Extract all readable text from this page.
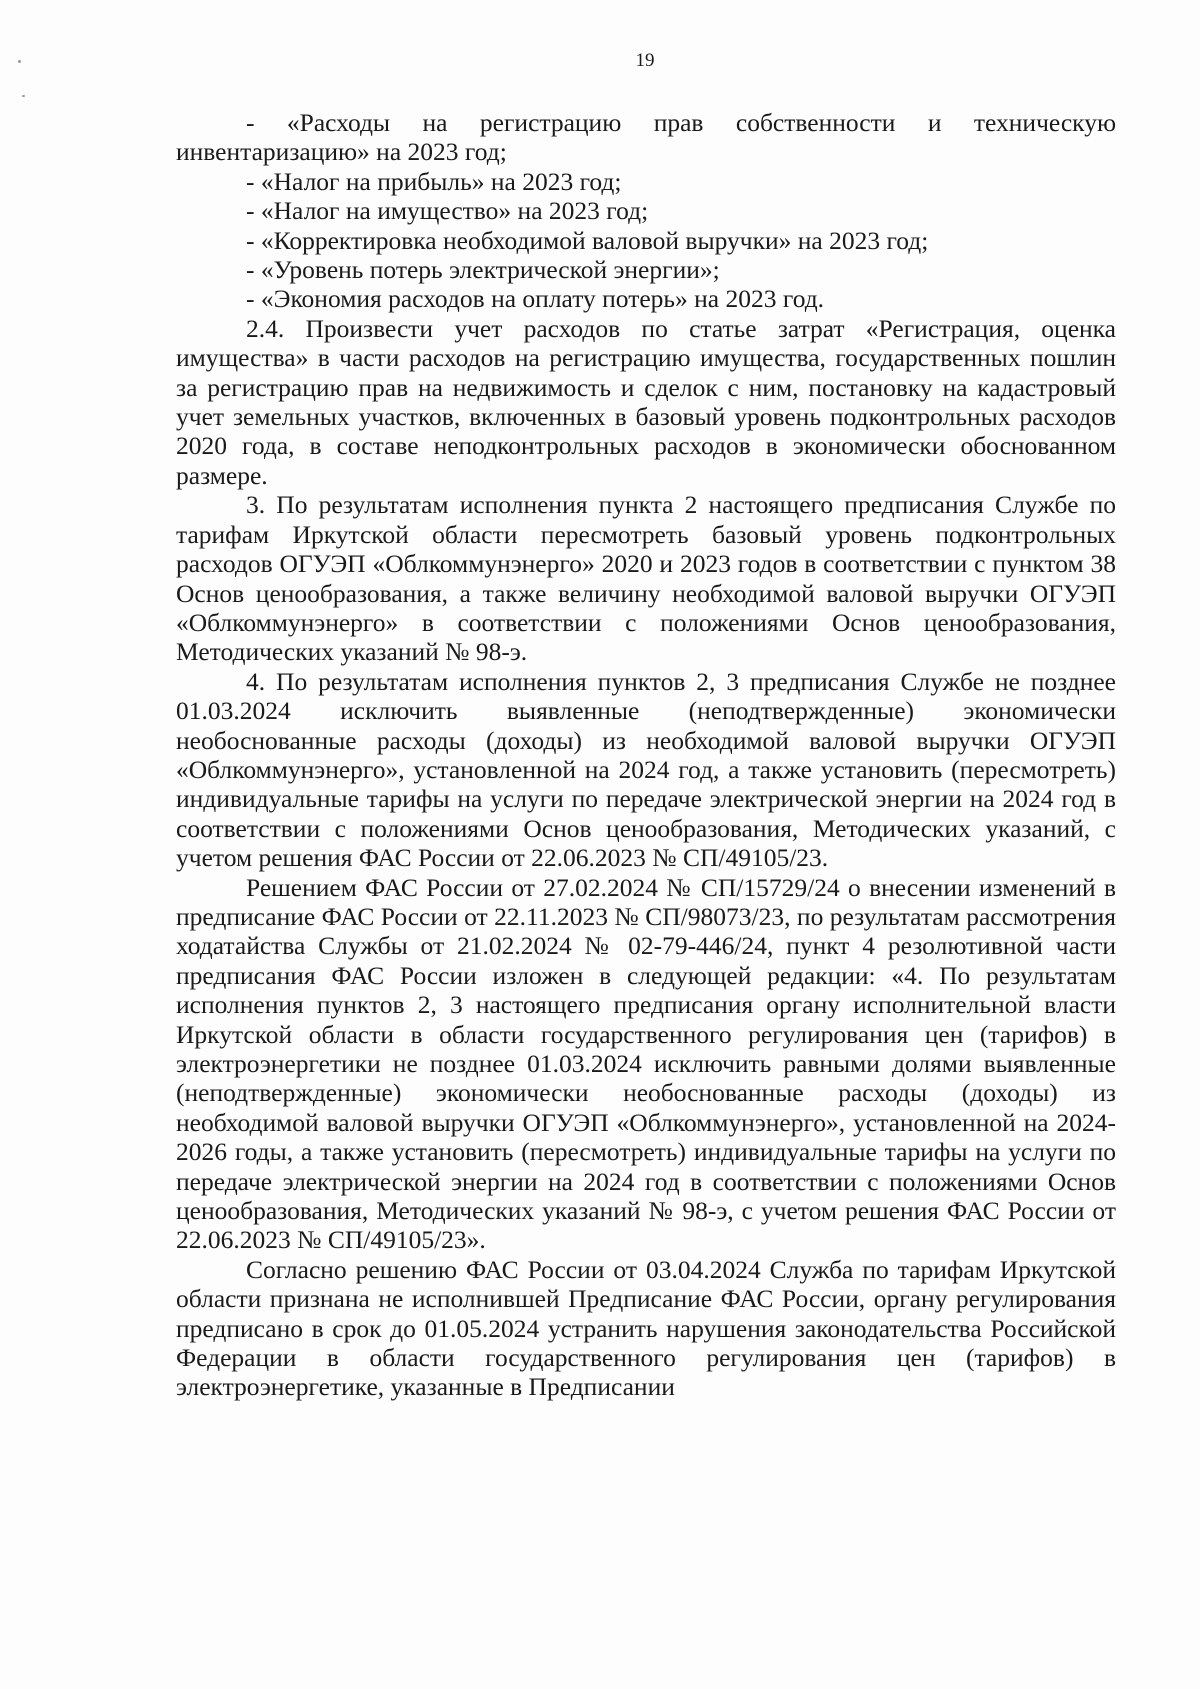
19

- «Расходы на регистрацию прав собственности и техническую инвентаризацию» на 2023 год;

- «Налог на прибыль» на 2023 год;

- «Налог на имущество» на 2023 год;

- «Корректировка необходимой валовой выручки» на 2023 год;

- «Уровень потерь электрической энергии»;

- «Экономия расходов на оплату потерь» на 2023 год.

2.4. Произвести учет расходов по статье затрат «Регистрация, оценка имущества» в части расходов на регистрацию имущества, государственных пошлин за регистрацию прав на недвижимость и сделок с ним, постановку на кадастровый учет земельных участков, включенных в базовый уровень подконтрольных расходов 2020 года, в составе неподконтрольных расходов в экономически обоснованном размере.

3. По результатам исполнения пункта 2 настоящего предписания Службе по тарифам Иркутской области пересмотреть базовый уровень подконтрольных расходов ОГУЭП «Облкоммунэнерго» 2020 и 2023 годов в соответствии с пунктом 38 Основ ценообразования, а также величину необходимой валовой выручки ОГУЭП «Облкоммунэнерго» в соответствии с положениями Основ ценообразования, Методических указаний № 98-э.

4. По результатам исполнения пунктов 2, 3 предписания Службе не позднее 01.03.2024 исключить выявленные (неподтвержденные) экономически необоснованные расходы (доходы) из необходимой валовой выручки ОГУЭП «Облкоммунэнерго», установленной на 2024 год, а также установить (пересмотреть) индивидуальные тарифы на услуги по передаче электрической энергии на 2024 год в соответствии с положениями Основ ценообразования, Методических указаний, с учетом решения ФАС России от 22.06.2023 № СП/49105/23.

Решением ФАС России от 27.02.2024 № СП/15729/24 о внесении изменений в предписание ФАС России от 22.11.2023 № СП/98073/23, по результатам рассмотрения ходатайства Службы от 21.02.2024 № 02-79-446/24, пункт 4 резолютивной части предписания ФАС России изложен в следующей редакции: «4. По результатам исполнения пунктов 2, 3 настоящего предписания органу исполнительной власти Иркутской области в области государственного регулирования цен (тарифов) в электроэнергетики не позднее 01.03.2024 исключить равными долями выявленные (неподтвержденные) экономически необоснованные расходы (доходы) из необходимой валовой выручки ОГУЭП «Облкоммунэнерго», установленной на 2024-2026 годы, а также установить (пересмотреть) индивидуальные тарифы на услуги по передаче электрической энергии на 2024 год в соответствии с положениями Основ ценообразования, Методических указаний № 98-э, с учетом решения ФАС России от 22.06.2023 № СП/49105/23».

Согласно решению ФАС России от 03.04.2024 Служба по тарифам Иркутской области признана не исполнившей Предписание ФАС России, органу регулирования предписано в срок до 01.05.2024 устранить нарушения законодательства Российской Федерации в области государственного регулирования цен (тарифов) в электроэнергетике, указанные в Предписании
